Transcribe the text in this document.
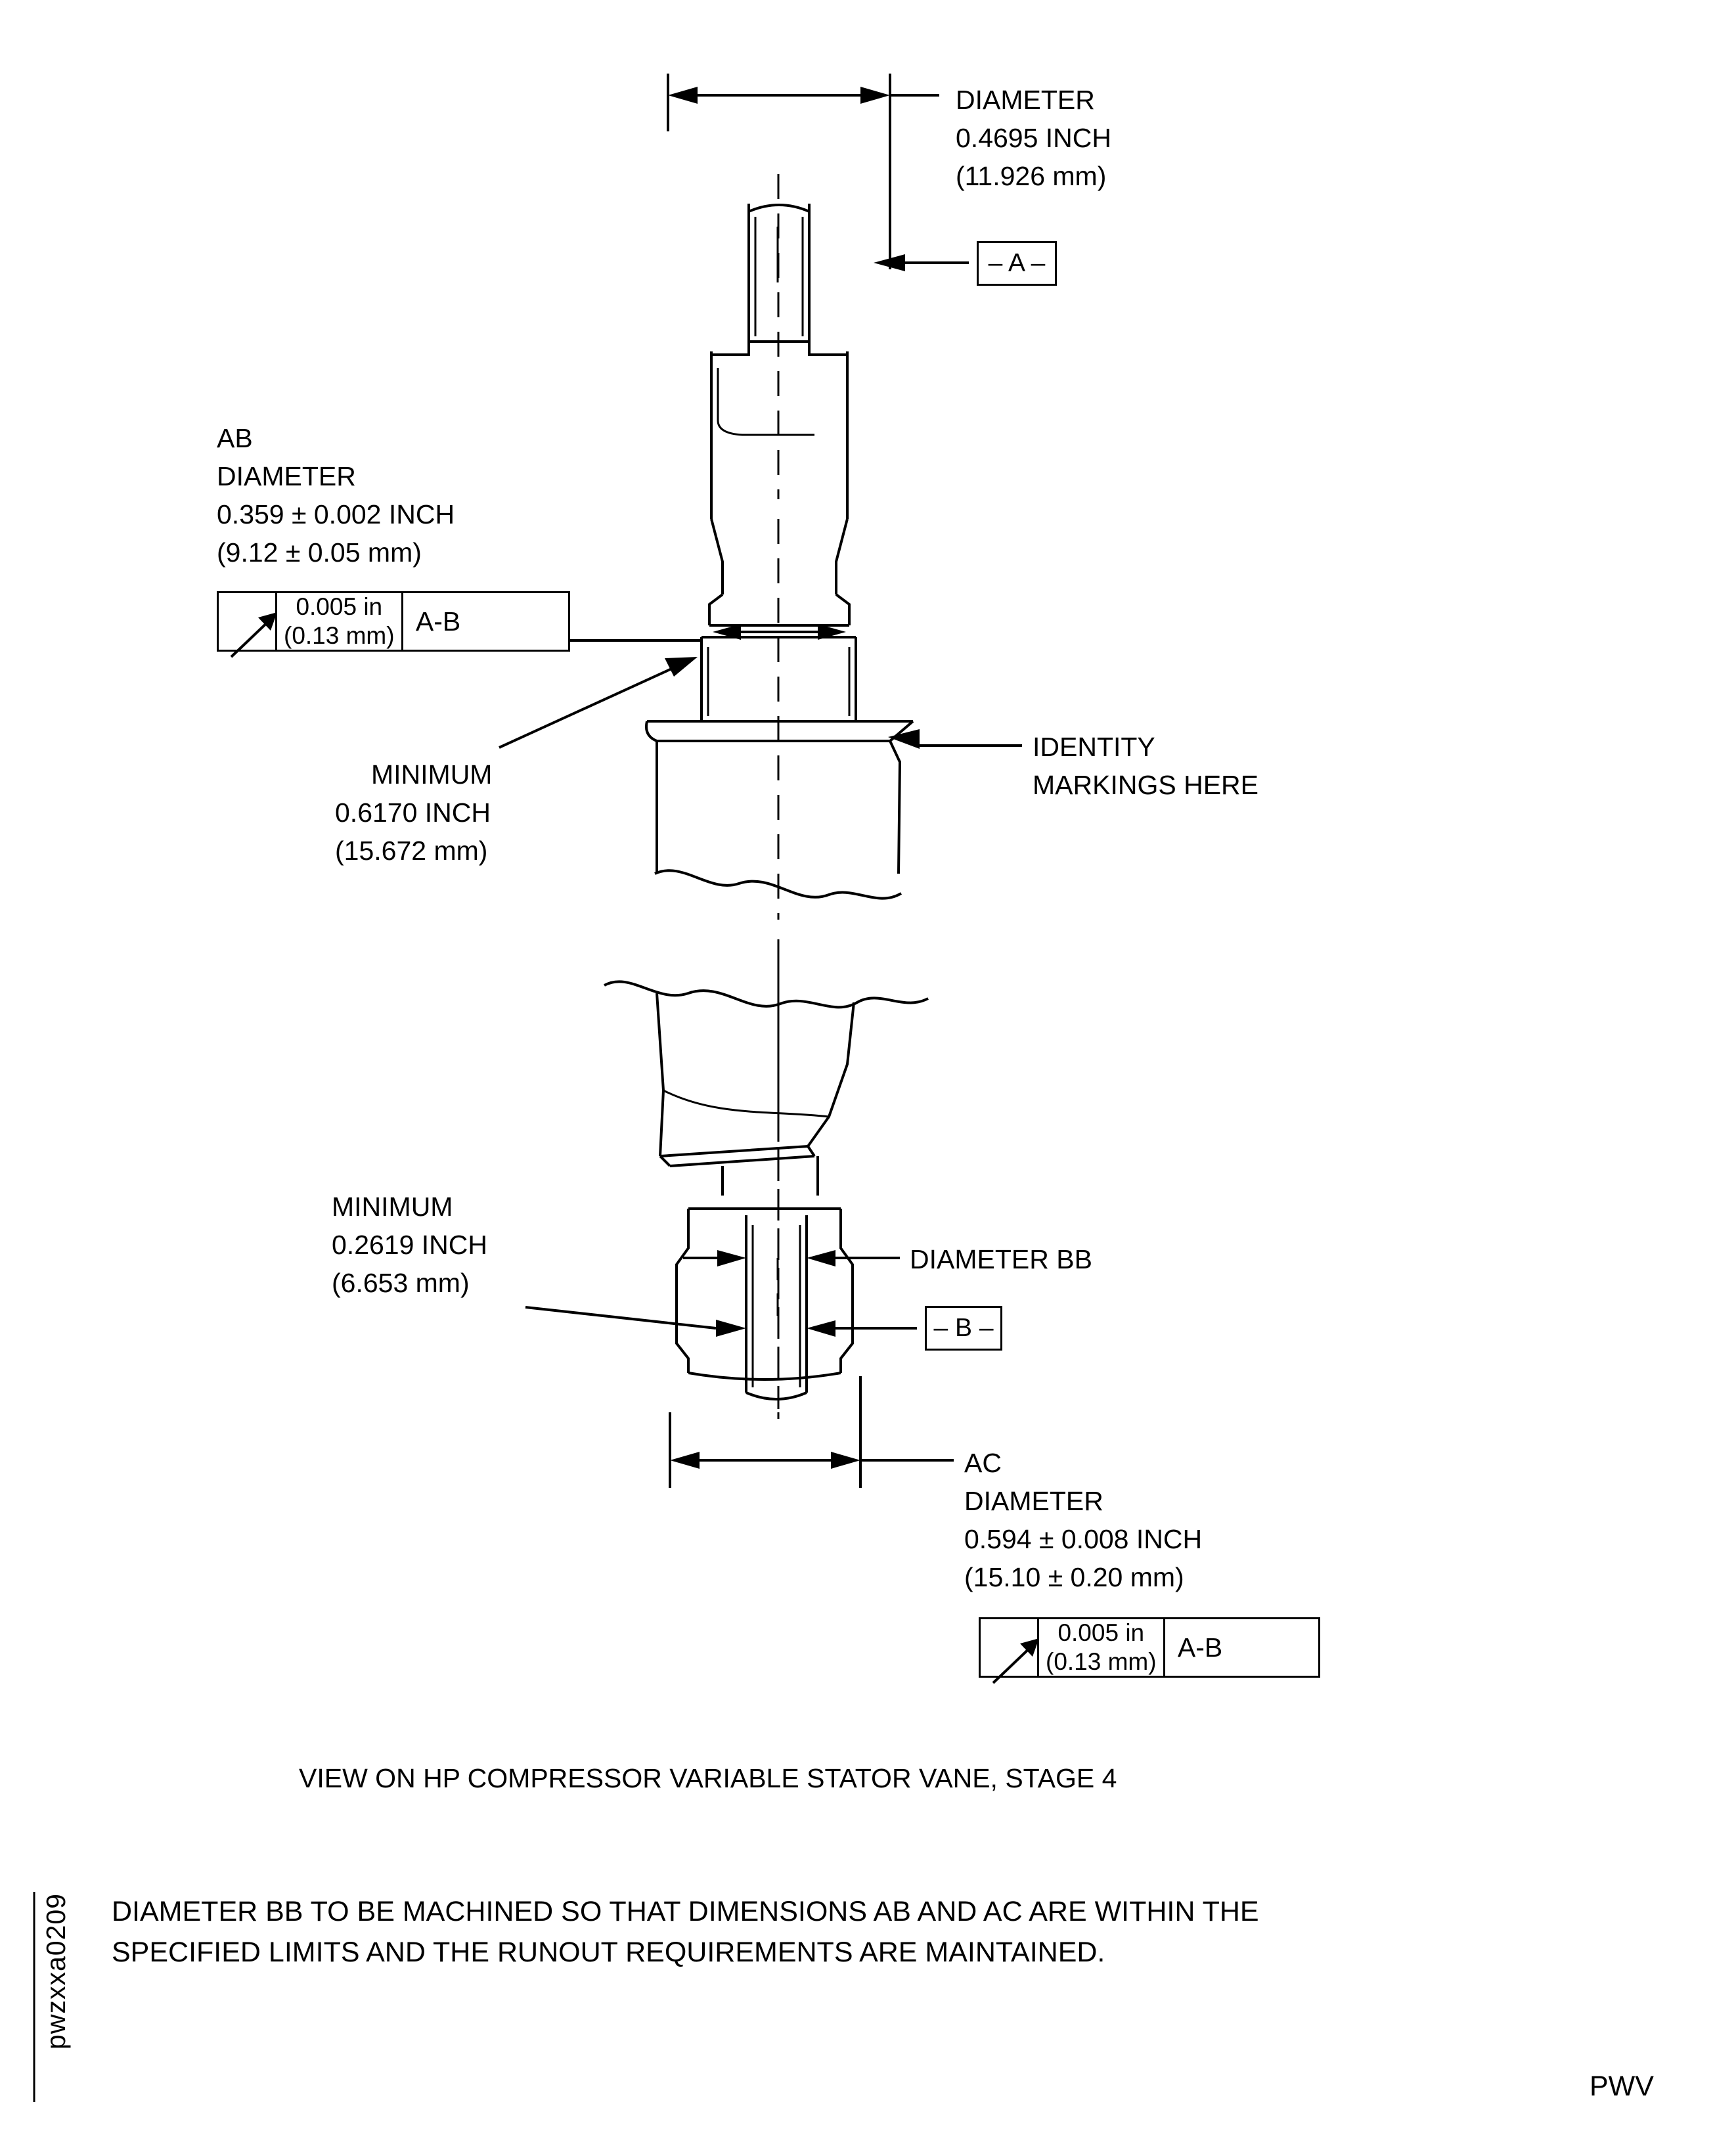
DIAMETER
0.4695 INCH
(11.926 mm)
– A –
AB
DIAMETER
0.359 ± 0.002 INCH
(9.12 ± 0.05 mm)
0.005 in
(0.13 mm) A-B
MINIMUM
0.6170 INCH
(15.672 mm)
IDENTITY
MARKINGS HERE
MINIMUM
0.2619 INCH
(6.653 mm)
DIAMETER BB
– B –
AC
DIAMETER
0.594 ± 0.008 INCH
(15.10 ± 0.20 mm)
0.005 in
(0.13 mm) A-B
VIEW ON HP COMPRESSOR VARIABLE STATOR VANE, STAGE 4
DIAMETER BB TO BE MACHINED SO THAT DIMENSIONS AB AND AC ARE WITHIN THE
SPECIFIED LIMITS AND THE RUNOUT REQUIREMENTS ARE MAINTAINED.
pwzxxa0209
PWV
